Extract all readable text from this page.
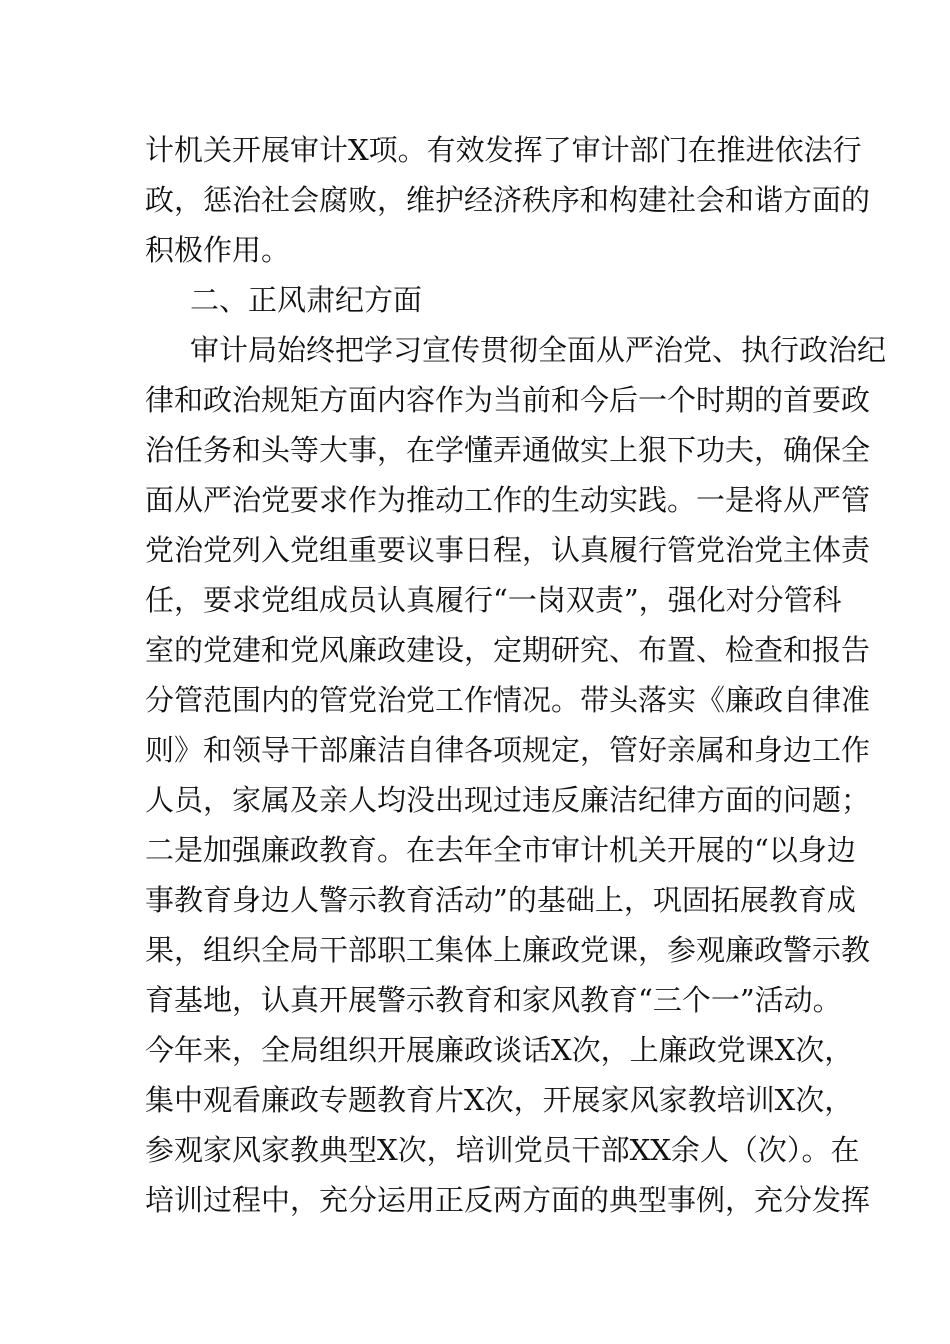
计机关开展审计X项。有效发挥了审计部门在推进依法行
政，惩治社会腐败，维护经济秩序和构建社会和谐方面的
积极作用。
二、正风肃纪方面
审计局始终把学习宣传贯彻全面从严治党、执行政治纪
律和政治规矩方面内容作为当前和今后一个时期的首要政
治任务和头等大事，在学懂弄通做实上狠下功夫，确保全
面从严治党要求作为推动工作的生动实践。一是将从严管
党治党列入党组重要议事日程，认真履行管党治党主体责
任，要求党组成员认真履行“一岗双责”，强化对分管科
室的党建和党风廉政建设，定期研究、布置、检查和报告
分管范围内的管党治党工作情况。带头落实《廉政自律准
则》和领导干部廉洁自律各项规定，管好亲属和身边工作
人员，家属及亲人均没出现过违反廉洁纪律方面的问题；
二是加强廉政教育。在去年全市审计机关开展的“以身边
事教育身边人警示教育活动”的基础上，巩固拓展教育成
果，组织全局干部职工集体上廉政党课，参观廉政警示教
育基地，认真开展警示教育和家风教育“三个一”活动。
今年来，全局组织开展廉政谈话X次，上廉政党课X次，
集中观看廉政专题教育片X次，开展家风家教培训X次，
参观家风家教典型X次，培训党员干部XX余人（次）。在
培训过程中，充分运用正反两方面的典型事例，充分发挥
